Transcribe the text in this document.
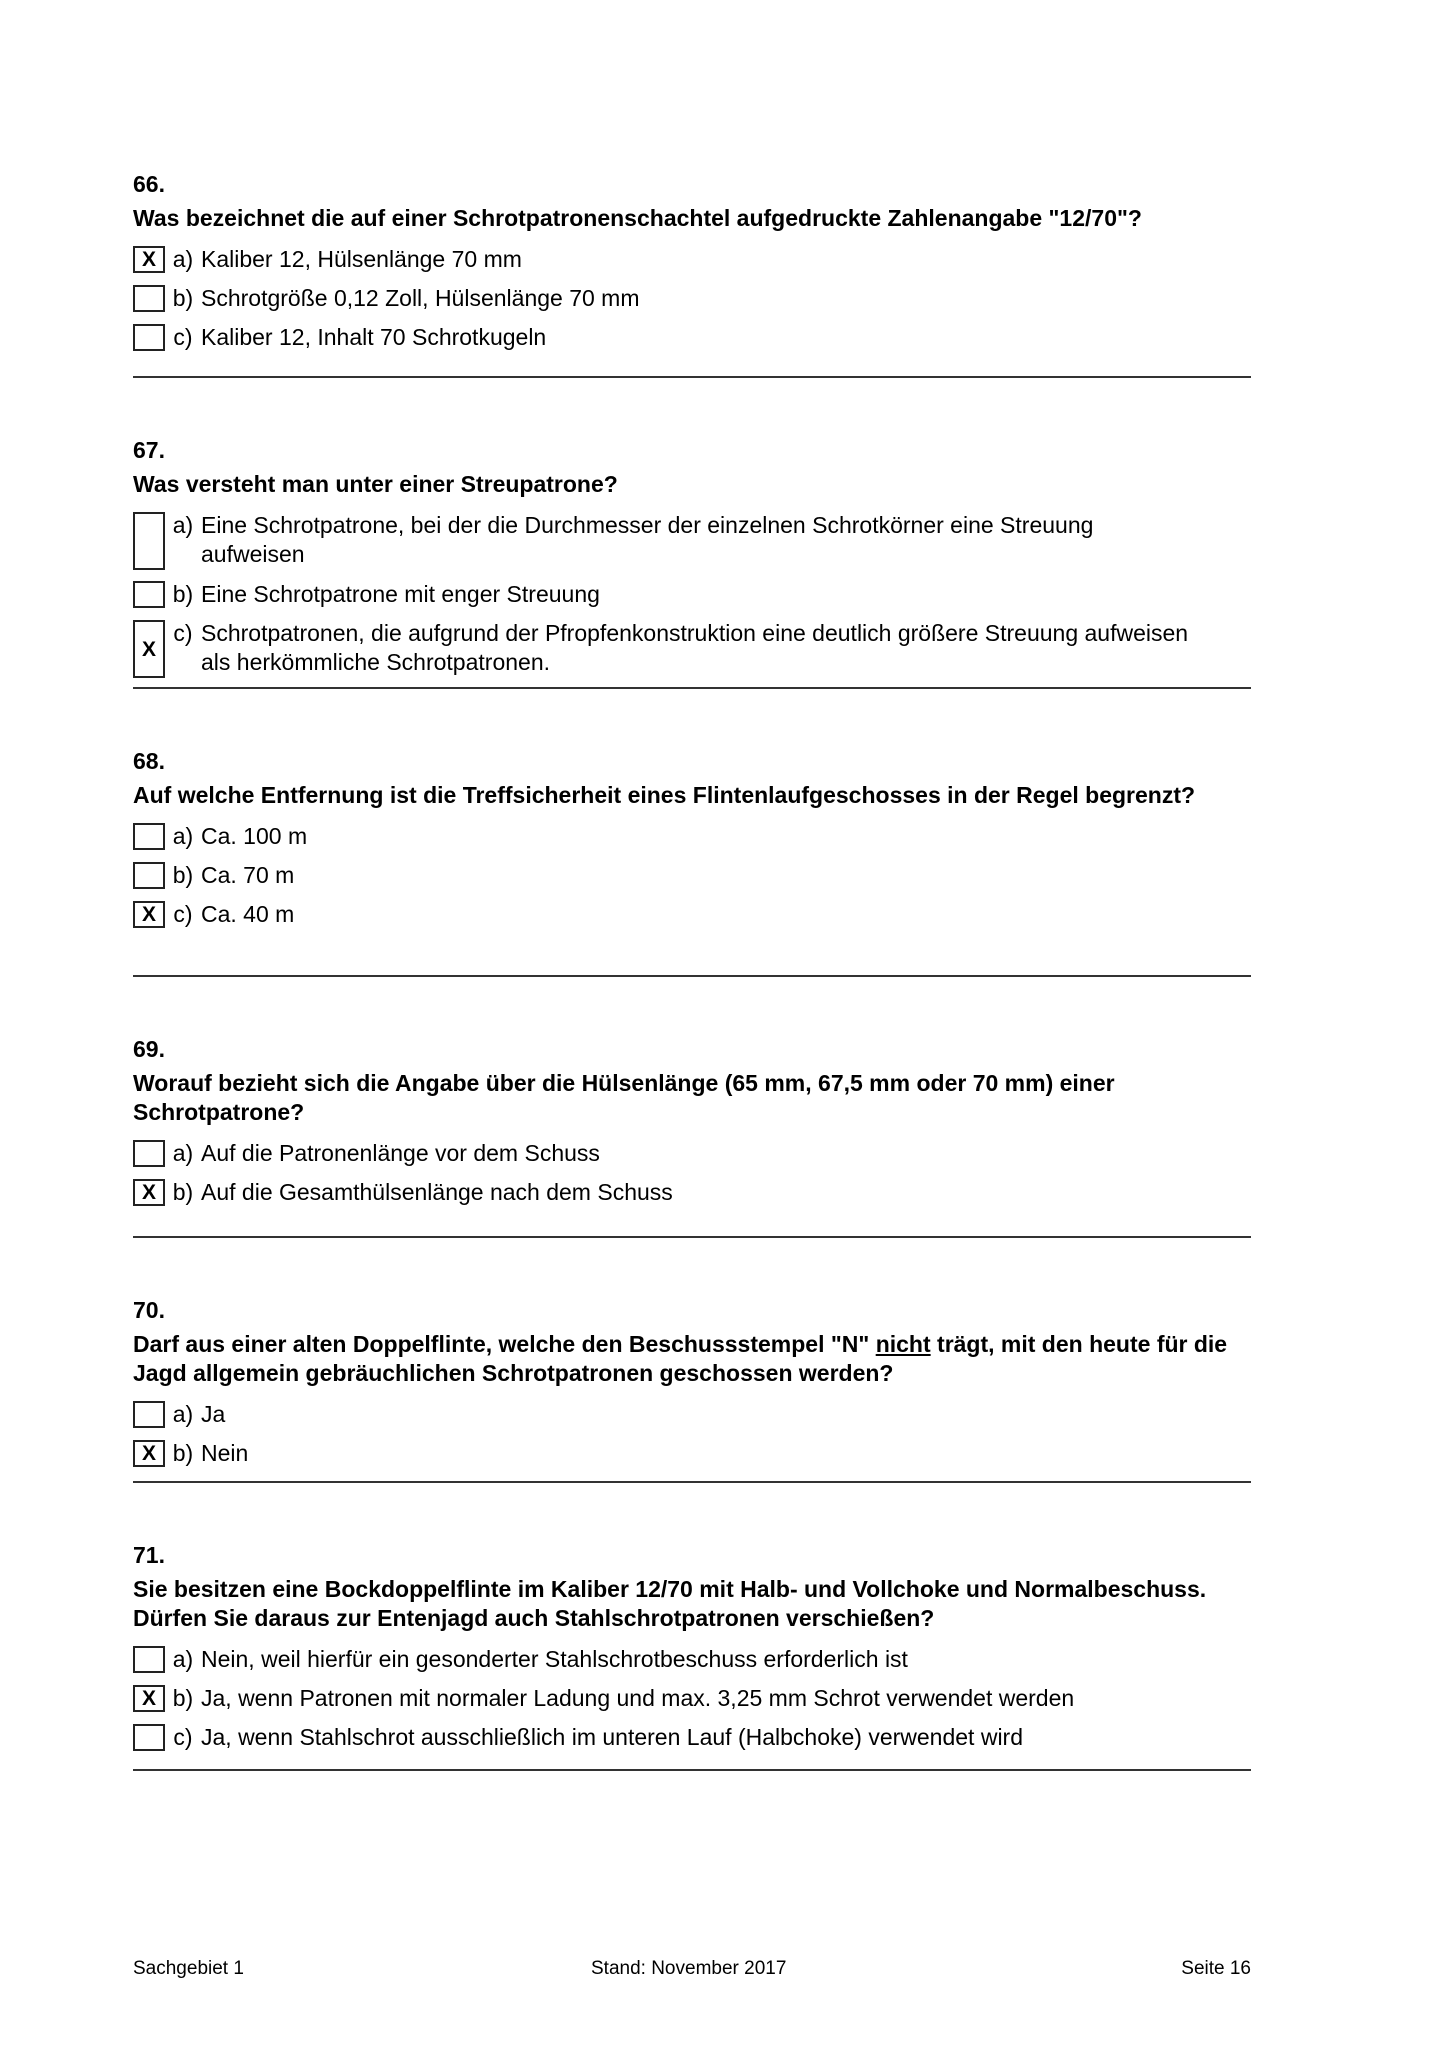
66.
Was bezeichnet die auf einer Schrotpatronenschachtel aufgedruckte Zahlenangabe "12/70"?
X a) Kaliber 12, Hülsenlänge 70 mm
b) Schrotgröße 0,12 Zoll, Hülsenlänge 70 mm
c) Kaliber 12, Inhalt 70 Schrotkugeln
67.
Was versteht man unter einer Streupatrone?
a) Eine Schrotpatrone, bei der die Durchmesser der einzelnen Schrotkörner eine Streuung aufweisen
b) Eine Schrotpatrone mit enger Streuung
X
c) Schrotpatronen, die aufgrund der Pfropfenkonstruktion eine deutlich größere Streuung aufweisen als herkömmliche Schrotpatronen.
68.
Auf welche Entfernung ist die Treffsicherheit eines Flintenlaufgeschosses in der Regel begrenzt?
a) Ca. 100 m
b) Ca. 70 m
X c) Ca. 40 m
69.
Worauf bezieht sich die Angabe über die Hülsenlänge (65 mm, 67,5 mm oder 70 mm) einer Schrotpatrone?
a) Auf die Patronenlänge vor dem Schuss
X b) Auf die Gesamthülsenlänge nach dem Schuss
70.
Darf aus einer alten Doppelflinte, welche den Beschussstempel "N" nicht trägt, mit den heute für die Jagd allgemein gebräuchlichen Schrotpatronen geschossen werden?
a) Ja
X b) Nein
71.
Sie besitzen eine Bockdoppelflinte im Kaliber 12/70 mit Halb- und Vollchoke und Normalbeschuss. Dürfen Sie daraus zur Entenjagd auch Stahlschrotpatronen verschießen?
a) Nein, weil hierfür ein gesonderter Stahlschrotbeschuss erforderlich ist
X b) Ja, wenn Patronen mit normaler Ladung und max. 3,25 mm Schrot verwendet werden
c) Ja, wenn Stahlschrot ausschließlich im unteren Lauf (Halbchoke) verwendet wird
Sachgebiet 1	Stand: November 2017	Seite 16
